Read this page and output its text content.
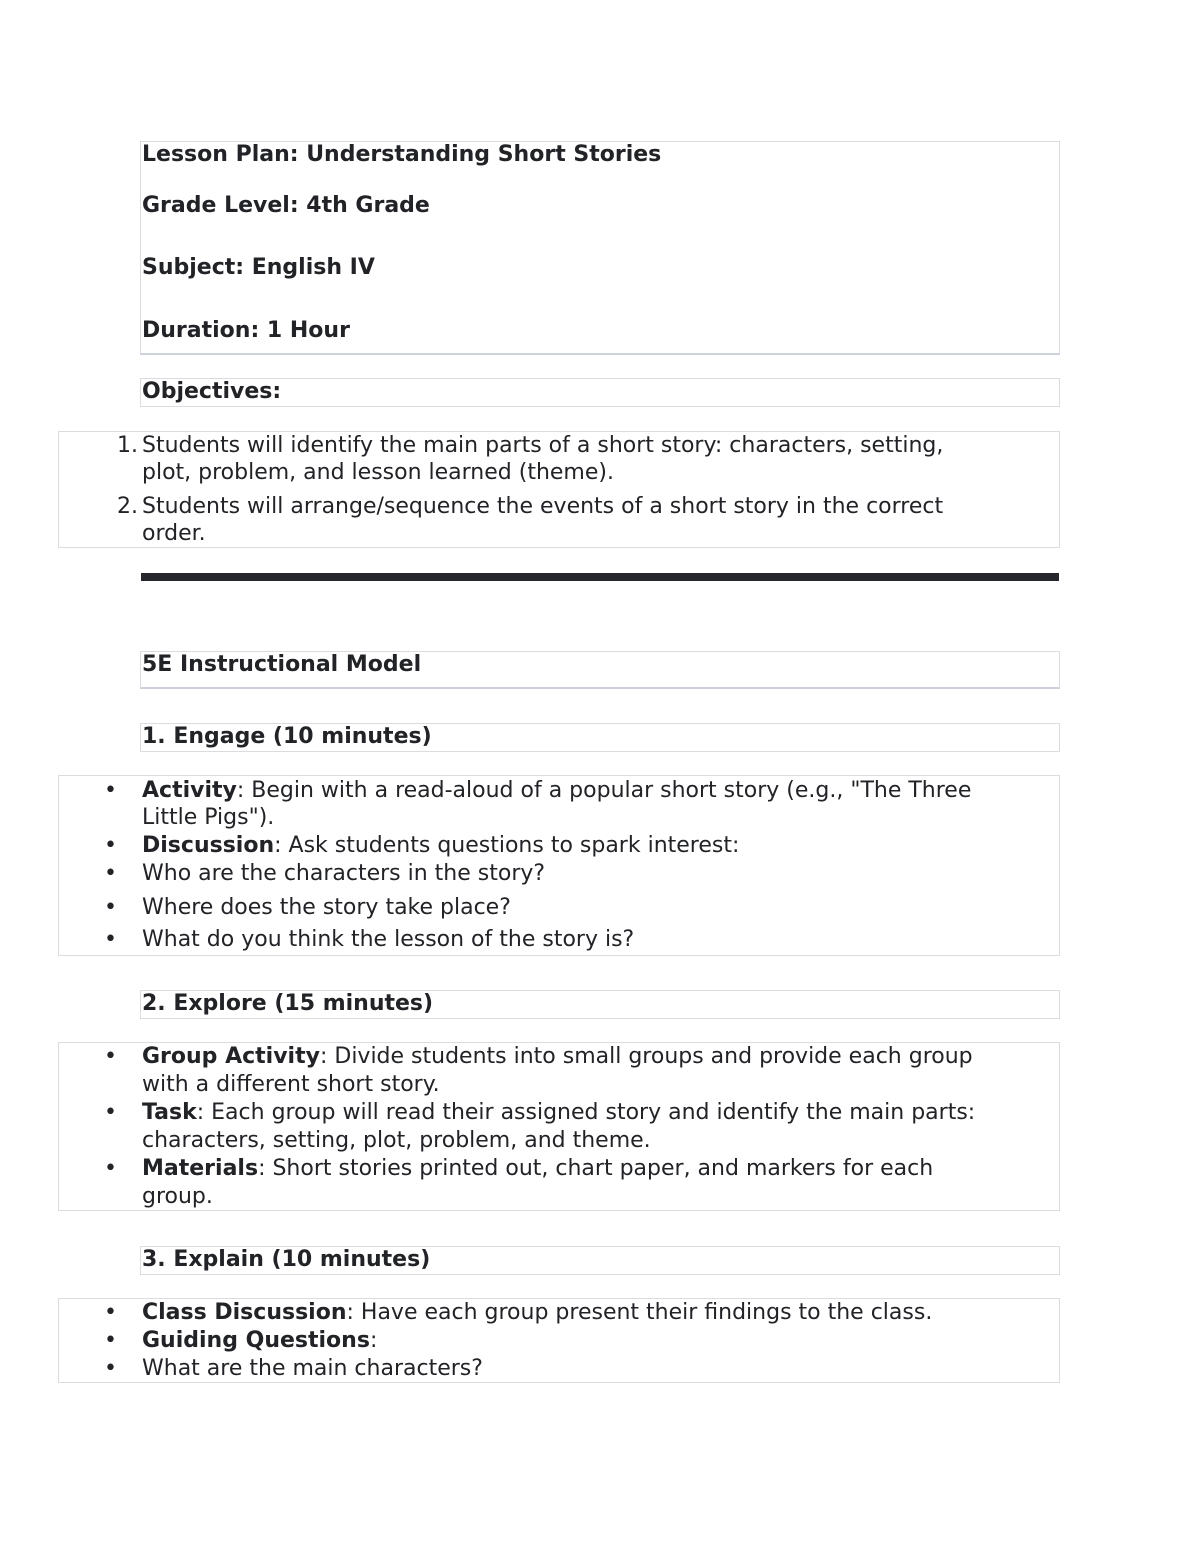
Lesson Plan: Understanding Short Stories
Grade Level: 4th Grade
Subject: English IV
Duration: 1 Hour
Objectives:
1. Students will identify the main parts of a short story: characters, setting,
plot, problem, and lesson learned (theme).
2. Students will arrange/sequence the events of a short story in the correct
order.
5E Instructional Model
1. Engage (10 minutes)
• Activity: Begin with a read-aloud of a popular short story (e.g., "The Three
Little Pigs").
• Discussion: Ask students questions to spark interest:
• Who are the characters in the story?
• Where does the story take place?
• What do you think the lesson of the story is?
2. Explore (15 minutes)
• Group Activity: Divide students into small groups and provide each group
with a different short story.
• Task: Each group will read their assigned story and identify the main parts:
characters, setting, plot, problem, and theme.
• Materials: Short stories printed out, chart paper, and markers for each
group.
3. Explain (10 minutes)
• Class Discussion: Have each group present their findings to the class.
• Guiding Questions:
• What are the main characters?
